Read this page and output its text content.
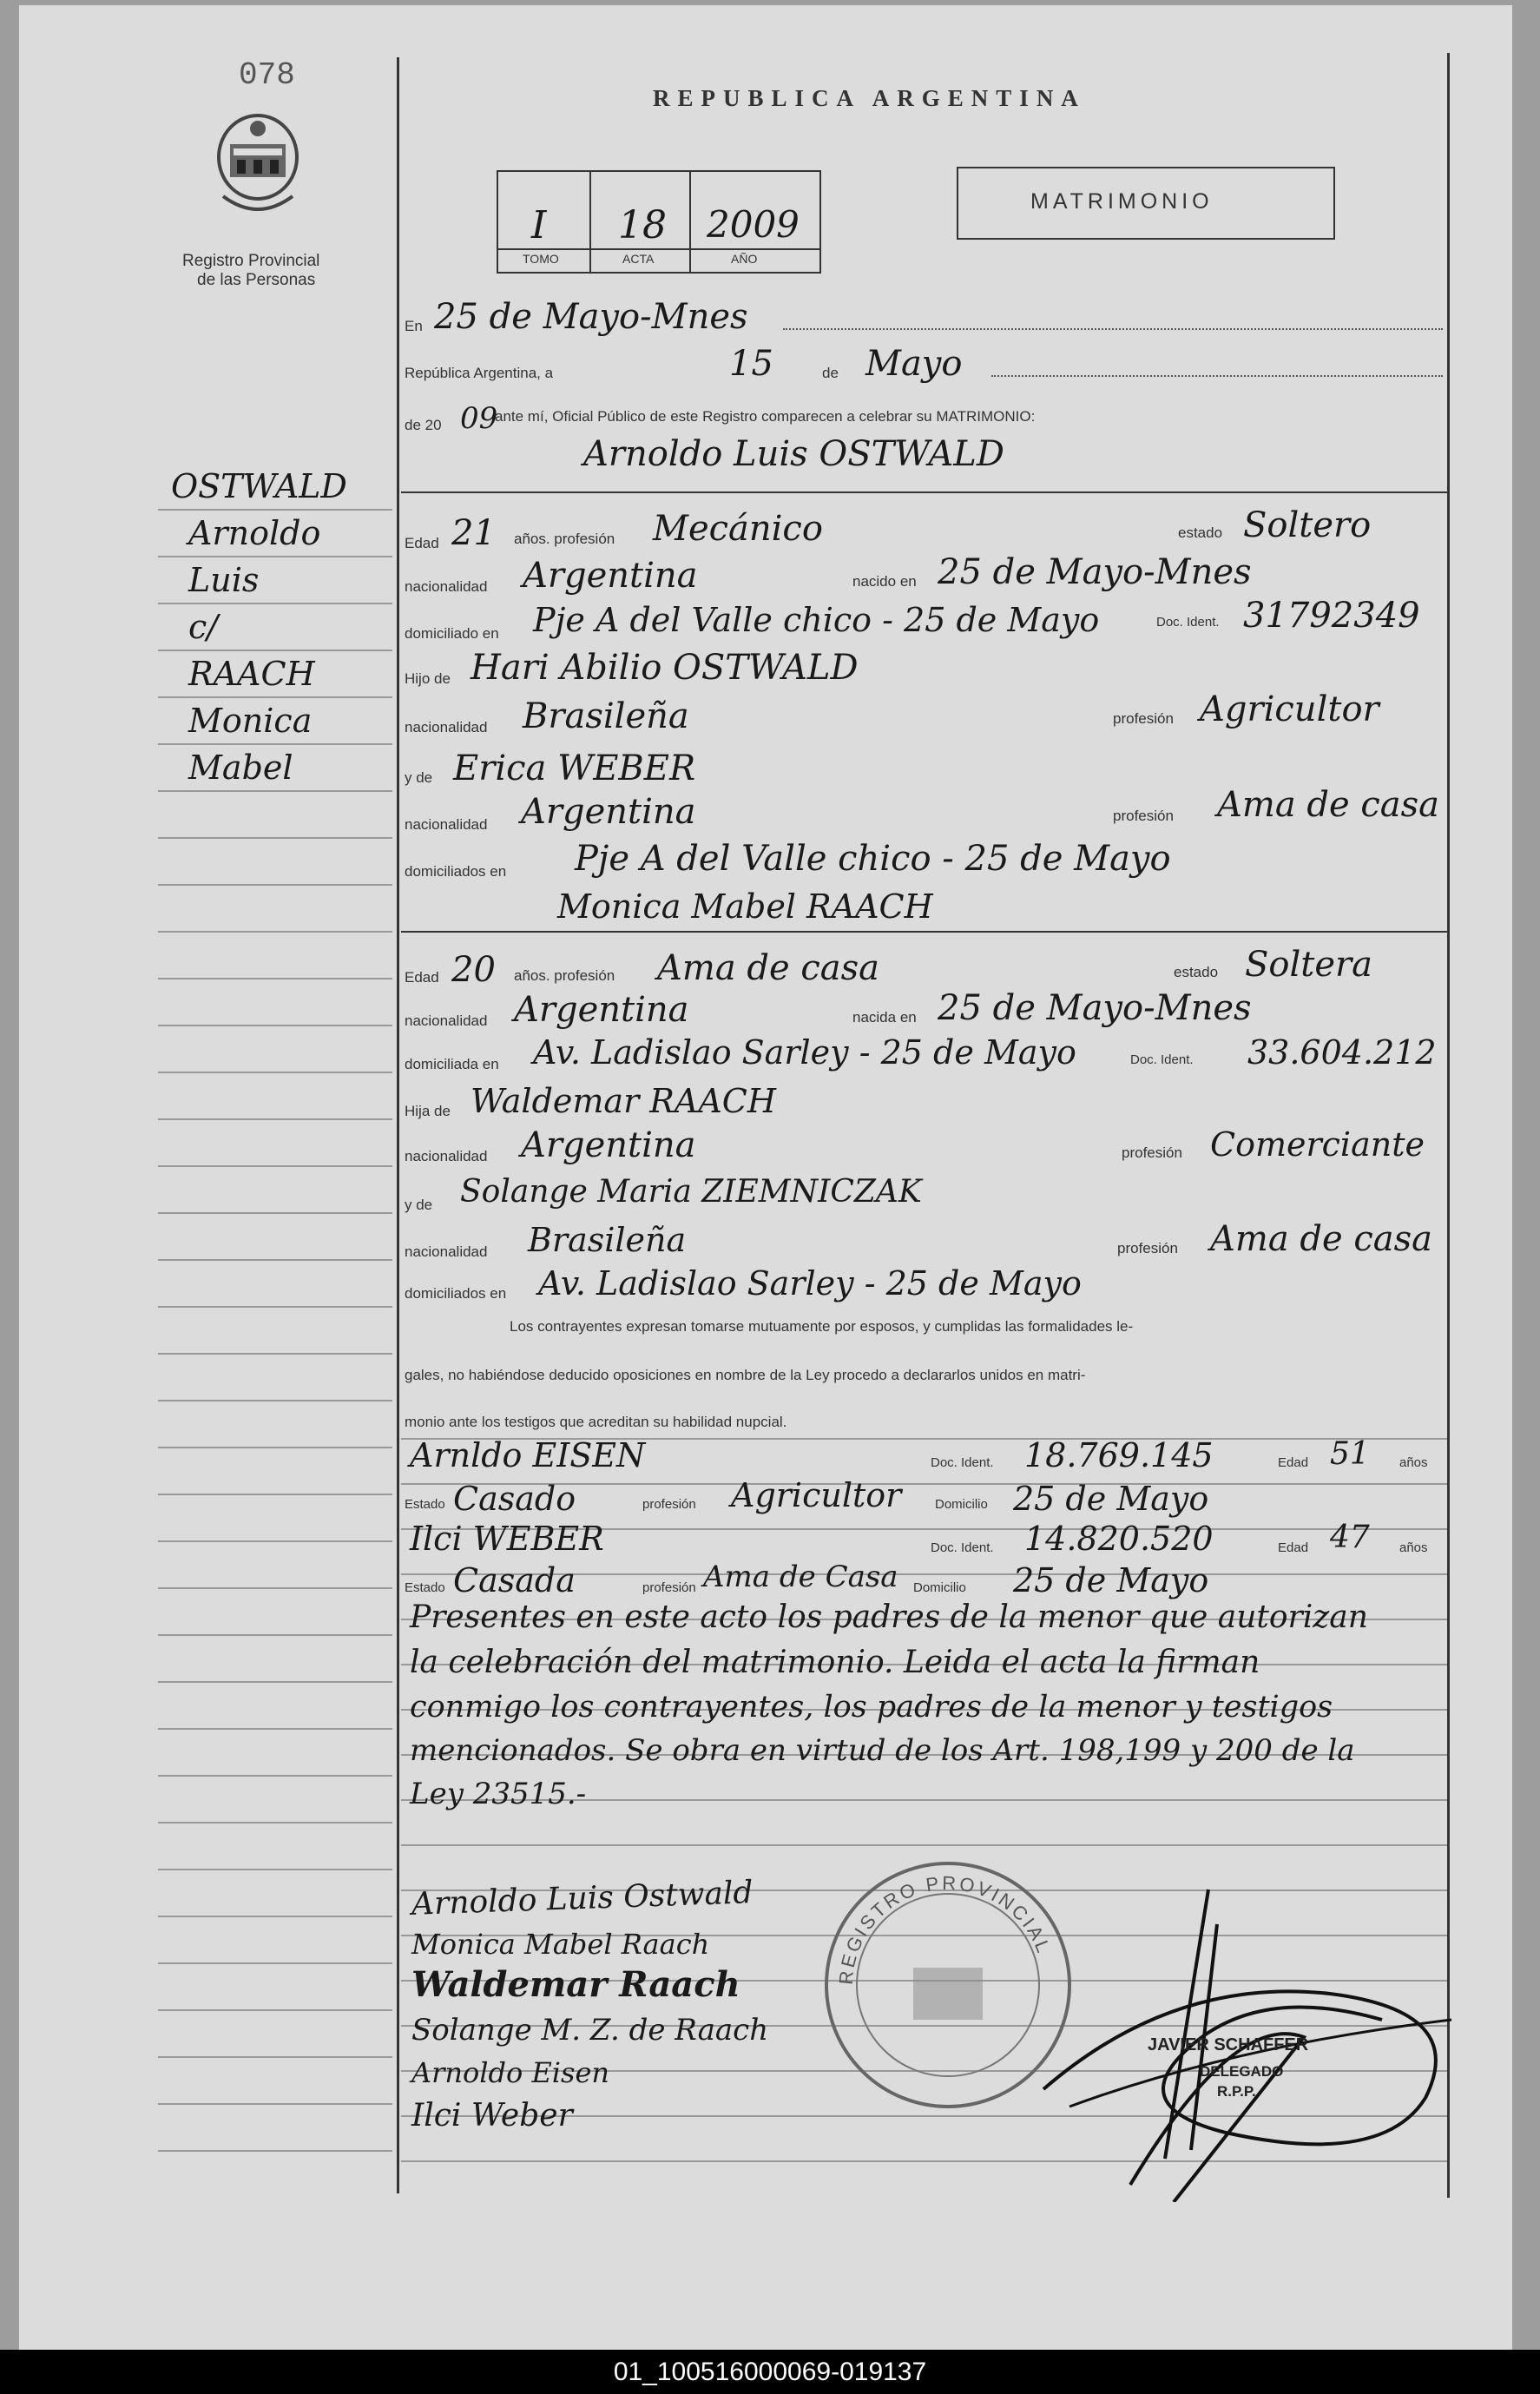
078
Registro Provincial
de las Personas
REPUBLICA ARGENTINA
I 18 2009
TOMO	ACTA	AÑO
MATRIMONIO
En 25 de Mayo-Mnes
República Argentina, a	15	de Mayo
de 20 09
ante mí, Oficial Público de este Registro comparecen a celebrar su MATRIMONIO:
OSTWALD
Arnoldo
Luis
c/
RAACH
Monica
Mabel
Arnoldo Luis OSTWALD
Edad 21 años. profesión Mecánico	estado Soltero
nacionalidad Argentina	nacido en 25 de Mayo-Mnes
domiciliado en Pje A del Valle chico - 25 de Mayo	Doc. Ident. 31792349
Hijo de Hari Abilio OSTWALD
nacionalidad Brasileña	profesión Agricultor
y de Erica WEBER
nacionalidad Argentina	profesión Ama de casa
domiciliados en Pje A del Valle chico - 25 de Mayo
Monica Mabel RAACH
Edad 20 años. profesión Ama de casa	estado Soltera
nacionalidad Argentina	nacida en 25 de Mayo-Mnes
domiciliada en Av. Ladislao Sarley - 25 de Mayo	Doc. Ident. 33.604.212
Hija de Waldemar RAACH
nacionalidad Argentina	profesión Comerciante
y de Solange Maria ZIEMNICZAK
nacionalidad Brasileña	profesión Ama de casa
domiciliados en Av. Ladislao Sarley - 25 de Mayo
Los contrayentes expresan tomarse mutuamente por esposos, y cumplidas las formalidades le-
gales, no habiéndose deducido oposiciones en nombre de la Ley procedo a declararlos unidos en matri-
monio ante los testigos que acreditan su habilidad nupcial.
Arnldo EISEN	Doc. Ident. 18.769.145	Edad 51 años
Estado Casado	profesión Agricultor	Domicilio 25 de Mayo
Ilci WEBER	Doc. Ident. 14.820.520	Edad 47 años
Estado Casada	profesión Ama de Casa Domicilio 25 de Mayo
Presentes en este acto los padres de la menor que autorizan
la celebración del matrimonio. Leida el acta la firman
conmigo los contrayentes, los padres de la menor y testigos
mencionados. Se obra en virtud de los Art. 198,199 y 200 de la
Ley 23515.-
Arnoldo Luis Ostwald
Monica Mabel Raach
Waldemar Raach
Solange M. Z. de Raach
Arnoldo Eisen
Ilci Weber
REGISTRO PROVINCIAL
JAVIER SCHAFFER
DELEGADO
R.P.P.
01_100516000069-019137
